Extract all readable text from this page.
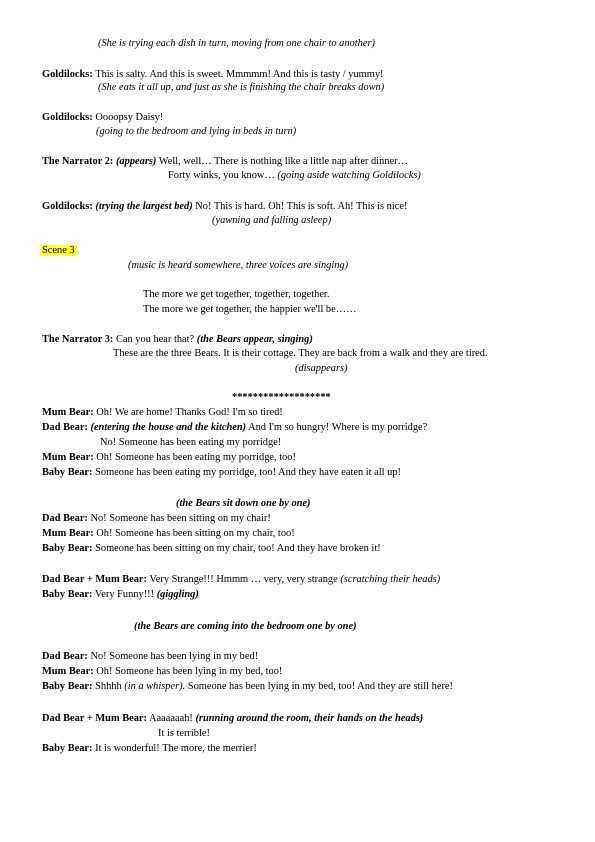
(She is trying each dish in turn, moving from one chair to another)
Goldilocks: This is salty. And this is sweet. Mmmmm! And this is tasty / yummy!
(She eats it all up, and just as she is finishing the chair breaks down)
Goldilocks: Oooopsy Daisy!
(going to the bedroom and lying in beds in turn)
The Narrator 2: (appears) Well, well… There is nothing like a little nap after dinner…
Forty winks, you know… (going aside watching Goldilocks)
Goldilocks: (trying the largest bed) No! This is hard. Oh! This is soft. Ah! This is nice!
(yawning and falling asleep)
Scene 3
(music is heard somewhere, three voices are singing)
The more we get together, together, together.
The more we get together, the happier we'll be……
The Narrator 3: Can you hear that? (the Bears appear, singing)
These are the three Bears. It is their cottage. They are back from a walk and they are tired.
(disappears)
*******************
Mum Bear: Oh! We are home! Thanks God! I'm so tired!
Dad Bear: (entering the house and the kitchen) And I'm so hungry! Where is my porridge?
No! Someone has been eating my porridge!
Mum Bear: Oh! Someone has been eating my porridge, too!
Baby Bear: Someone has been eating my porridge, too! And they have eaten it all up!
(the Bears sit down one by one)
Dad Bear: No! Someone has been sitting on my chair!
Mum Bear: Oh! Someone has been sitting on my chair, too!
Baby Bear: Someone has been sitting on my chair, too! And they have broken it!
Dad Bear + Mum Bear: Very Strange!!! Hmmm … very, very strange (scratching their heads)
Baby Bear: Very Funny!!! (giggling)
(the Bears are coming into the bedroom one by one)
Dad Bear: No! Someone has been lying in my bed!
Mum Bear: Oh! Someone has been lying in my bed, too!
Baby Bear: Shhhh (in a whisper). Someone has been lying in my bed, too! And they are still here!
Dad Bear + Mum Bear: Aaaaaaah! (running around the room, their hands on the heads)
It is terrible!
Baby Bear: It is wonderful! The more, the merrier!
